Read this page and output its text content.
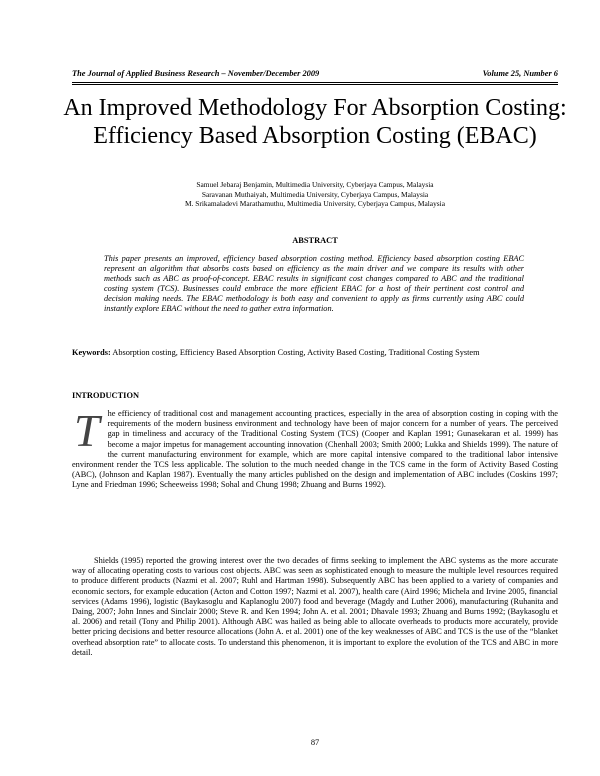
The Journal of Applied Business Research – November/December 2009	Volume 25, Number 6
An Improved Methodology For Absorption Costing: Efficiency Based Absorption Costing (EBAC)
Samuel Jebaraj Benjamin, Multimedia University, Cyberjaya Campus, Malaysia
Saravanan Muthaiyah, Multimedia University, Cyberjaya Campus, Malaysia
M. Srikamaladevi Marathamuthu, Multimedia University, Cyberjaya Campus, Malaysia
ABSTRACT
This paper presents an improved, efficiency based absorption costing method. Efficiency based absorption costing EBAC represent an algorithm that absorbs costs based on efficiency as the main driver and we compare its results with other methods such as ABC as proof-of-concept. EBAC results in significant cost changes compared to ABC and the traditional costing system (TCS). Businesses could embrace the more efficient EBAC for a host of their pertinent cost control and decision making needs. The EBAC methodology is both easy and convenient to apply as firms currently using ABC could instantly explore EBAC without the need to gather extra information.
Keywords: Absorption costing, Efficiency Based Absorption Costing, Activity Based Costing, Traditional Costing System
INTRODUCTION
The efficiency of traditional cost and management accounting practices, especially in the area of absorption costing in coping with the requirements of the modern business environment and technology have been of major concern for a number of years. The perceived gap in timeliness and accuracy of the Traditional Costing System (TCS) (Cooper and Kaplan 1991; Gunasekaran et al. 1999) has become a major impetus for management accounting innovation (Chenhall 2003; Smith 2000; Lukka and Shields 1999). The nature of the current manufacturing environment for example, which are more capital intensive compared to the traditional labor intensive environment render the TCS less applicable. The solution to the much needed change in the TCS came in the form of Activity Based Costing (ABC), (Johnson and Kaplan 1987). Eventually the many articles published on the design and implementation of ABC includes (Coskins 1997; Lyne and Friedman 1996; Scheeweiss 1998; Sohal and Chung 1998; Zhuang and Burns 1992).
Shields (1995) reported the growing interest over the two decades of firms seeking to implement the ABC systems as the more accurate way of allocating operating costs to various cost objects. ABC was seen as sophisticated enough to measure the multiple level resources required to produce different products (Nazmi et al. 2007; Ruhl and Hartman 1998). Subsequently ABC has been applied to a variety of companies and economic sectors, for example education (Acton and Cotton 1997; Nazmi et al. 2007), health care (Aird 1996; Michela and Irvine 2005, financial services (Adams 1996), logistic (Baykasoglu and Kaplanoglu 2007) food and beverage (Magdy and Luther 2006), manufacturing (Ruhanita and Daing, 2007; John Innes and Sinclair 2000; Steve R. and Ken 1994; John A. et al. 2001; Dhavale 1993; Zhuang and Burns 1992; (Baykasoglu et al. 2006) and retail (Tony and Philip 2001). Although ABC was hailed as being able to allocate overheads to products more accurately, provide better pricing decisions and better resource allocations (John A. et al. 2001) one of the key weaknesses of ABC and TCS is the use of the “blanket overhead absorption rate” to allocate costs. To understand this phenomenon, it is important to explore the evolution of the TCS and ABC in more detail.
87
